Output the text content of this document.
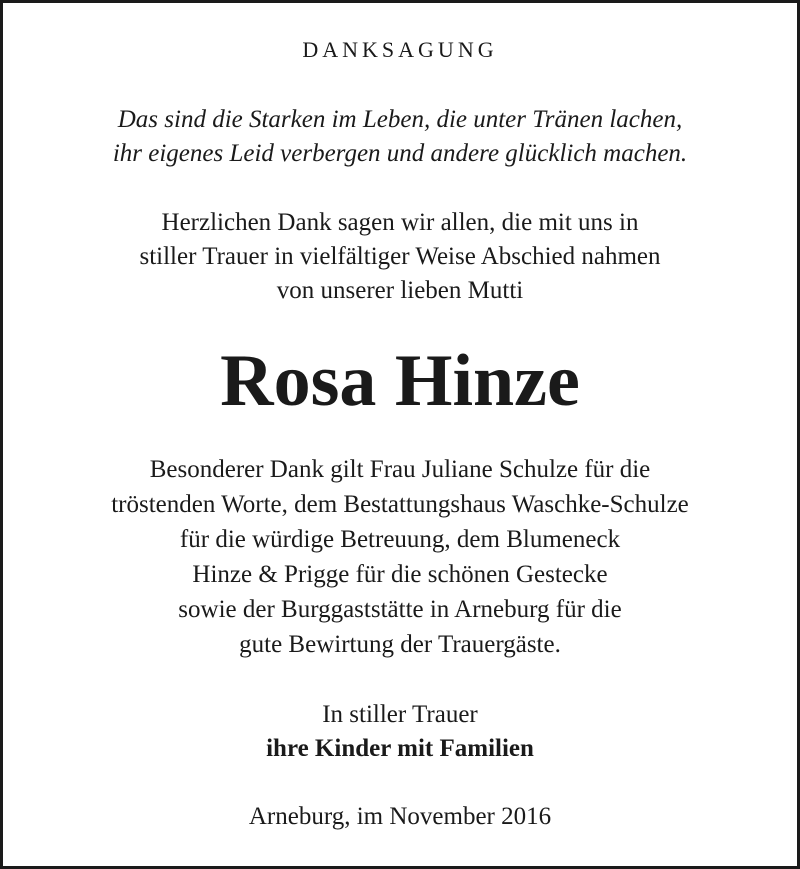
DANKSAGUNG
Das sind die Starken im Leben, die unter Tränen lachen,
ihr eigenes Leid verbergen und andere glücklich machen.
Herzlichen Dank sagen wir allen, die mit uns in
stiller Trauer in vielfältiger Weise Abschied nahmen
von unserer lieben Mutti
Rosa Hinze
Besonderer Dank gilt Frau Juliane Schulze für die
tröstenden Worte, dem Bestattungshaus Waschke-Schulze
für die würdige Betreuung, dem Blumeneck
Hinze & Prigge für die schönen Gestecke
sowie der Burggaststätte in Arneburg für die
gute Bewirtung der Trauergäste.
In stiller Trauer
ihre Kinder mit Familien
Arneburg, im November 2016
